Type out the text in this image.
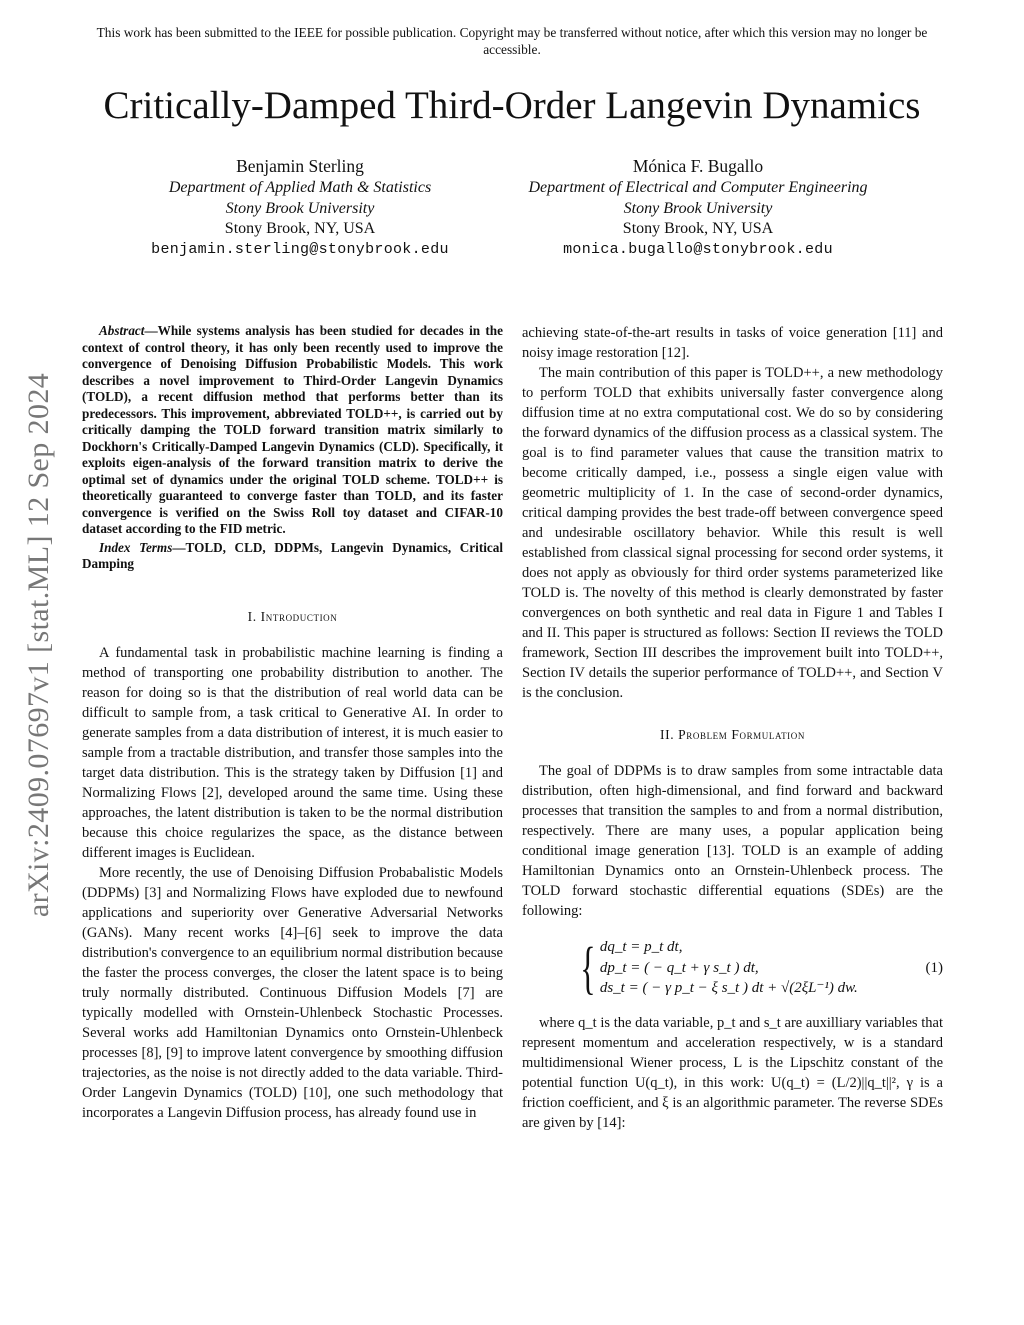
This work has been submitted to the IEEE for possible publication. Copyright may be transferred without notice, after which this version may no longer be accessible.
Critically-Damped Third-Order Langevin Dynamics
Benjamin Sterling
Department of Applied Math & Statistics
Stony Brook University
Stony Brook, NY, USA
benjamin.sterling@stonybrook.edu
Mónica F. Bugallo
Department of Electrical and Computer Engineering
Stony Brook University
Stony Brook, NY, USA
monica.bugallo@stonybrook.edu
arXiv:2409.07697v1 [stat.ML] 12 Sep 2024

Abstract—While systems analysis has been studied for decades in the context of control theory, it has only been recently used to improve the convergence of Denoising Diffusion Probabilistic Models. This work describes a novel improvement to Third-Order Langevin Dynamics (TOLD), a recent diffusion method that performs better than its predecessors. This improvement, abbreviated TOLD++, is carried out by critically damping the TOLD forward transition matrix similarly to Dockhorn's Critically-Damped Langevin Dynamics (CLD). Specifically, it exploits eigen-analysis of the forward transition matrix to derive the optimal set of dynamics under the original TOLD scheme. TOLD++ is theoretically guaranteed to converge faster than TOLD, and its faster convergence is verified on the Swiss Roll toy dataset and CIFAR-10 dataset according to the FID metric.

Index Terms—TOLD, CLD, DDPMs, Langevin Dynamics, Critical Damping

I. Introduction

A fundamental task in probabilistic machine learning is finding a method of transporting one probability distribution to another. The reason for doing so is that the distribution of real world data can be difficult to sample from, a task critical to Generative AI. In order to generate samples from a data distribution of interest, it is much easier to sample from a tractable distribution, and transfer those samples into the target data distribution. This is the strategy taken by Diffusion [1] and Normalizing Flows [2], developed around the same time. Using these approaches, the latent distribution is taken to be the normal distribution because this choice regularizes the space, as the distance between different images is Euclidean.

More recently, the use of Denoising Diffusion Probabalistic Models (DDPMs) [3] and Normalizing Flows have exploded due to newfound applications and superiority over Generative Adversarial Networks (GANs). Many recent works [4]–[6] seek to improve the data distribution's convergence to an equilibrium normal distribution because the faster the process converges, the closer the latent space is to being truly normally distributed. Continuous Diffusion Models [7] are typically modelled with Ornstein-Uhlenbeck Stochastic Processes. Several works add Hamiltonian Dynamics onto Ornstein-Uhlenbeck processes [8], [9] to improve latent convergence by smoothing diffusion trajectories, as the noise is not directly added to the data variable. Third-Order Langevin Dynamics (TOLD) [10], one such methodology that incorporates a Langevin Diffusion process, has already found use in

achieving state-of-the-art results in tasks of voice generation [11] and noisy image restoration [12].

The main contribution of this paper is TOLD++, a new methodology to perform TOLD that exhibits universally faster convergence along diffusion time at no extra computational cost. We do so by considering the forward dynamics of the diffusion process as a classical system. The goal is to find parameter values that cause the transition matrix to become critically damped, i.e., possess a single eigen value with geometric multiplicity of 1. In the case of second-order dynamics, critical damping provides the best trade-off between convergence speed and undesirable oscillatory behavior. While this result is well established from classical signal processing for second order systems, it does not apply as obviously for third order systems parameterized like TOLD is. The novelty of this method is clearly demonstrated by faster convergences on both synthetic and real data in Figure 1 and Tables I and II. This paper is structured as follows: Section II reviews the TOLD framework, Section III describes the improvement built into TOLD++, Section IV details the superior performance of TOLD++, and Section V is the conclusion.

II. Problem Formulation

The goal of DDPMs is to draw samples from some intractable data distribution, often high-dimensional, and find forward and backward processes that transition the samples to and from a normal distribution, respectively. There are many uses, a popular application being conditional image generation [13]. TOLD is an example of adding Hamiltonian Dynamics onto an Ornstein-Uhlenbeck process. The TOLD forward stochastic differential equations (SDEs) are the following:

{ dq_t = p_t dt,
dp_t = ( − q_t + γ s_t ) dt,
ds_t = ( − γ p_t − ξ s_t ) dt + √(2ξL⁻¹) dw.
(1)

where q_t is the data variable, p_t and s_t are auxilliary variables that represent momentum and acceleration respectively, w is a standard multidimensional Wiener process, L is the Lipschitz constant of the potential function U(q_t), in this work: U(q_t) = (L/2)||q_t||², γ is a friction coefficient, and ξ is an algorithmic parameter. The reverse SDEs are given by [14]:
